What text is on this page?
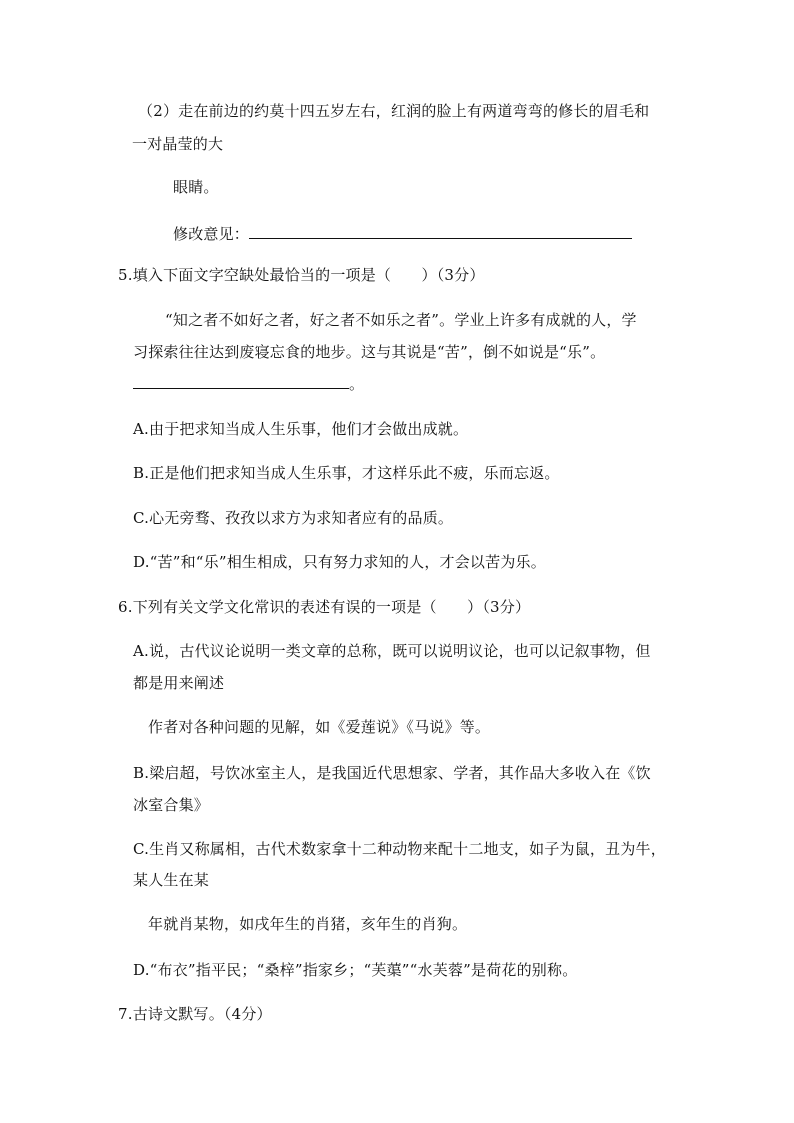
（2）走在前边的约莫十四五岁左右，红润的脸上有两道弯弯的修长的眉毛和
一对晶莹的大
眼睛。
修改意见：
5.填入下面文字空缺处最恰当的一项是（　　）（3分）
“知之者不如好之者，好之者不如乐之者”。学业上许多有成就的人，学
习探索往往达到废寝忘食的地步。这与其说是“苦”，倒不如说是“乐”。
。
A.由于把求知当成人生乐事，他们才会做出成就。
B.正是他们把求知当成人生乐事，才这样乐此不疲，乐而忘返。
C.心无旁骛、孜孜以求方为求知者应有的品质。
D.“苦”和“乐”相生相成，只有努力求知的人，才会以苦为乐。
6.下列有关文学文化常识的表述有误的一项是（　　）（3分）
A.说，古代议论说明一类文章的总称，既可以说明议论，也可以记叙事物，但
都是用来阐述
作者对各种问题的见解，如《爱莲说》《马说》等。
B.梁启超，号饮冰室主人，是我国近代思想家、学者，其作品大多收入在《饮
冰室合集》
C.生肖又称属相，古代术数家拿十二种动物来配十二地支，如子为鼠，丑为牛，
某人生在某
年就肖某物，如戌年生的肖猪，亥年生的肖狗。
D.“布衣”指平民；“桑梓”指家乡；“芙蕖”“水芙蓉”是荷花的别称。
7.古诗文默写。（4分）
